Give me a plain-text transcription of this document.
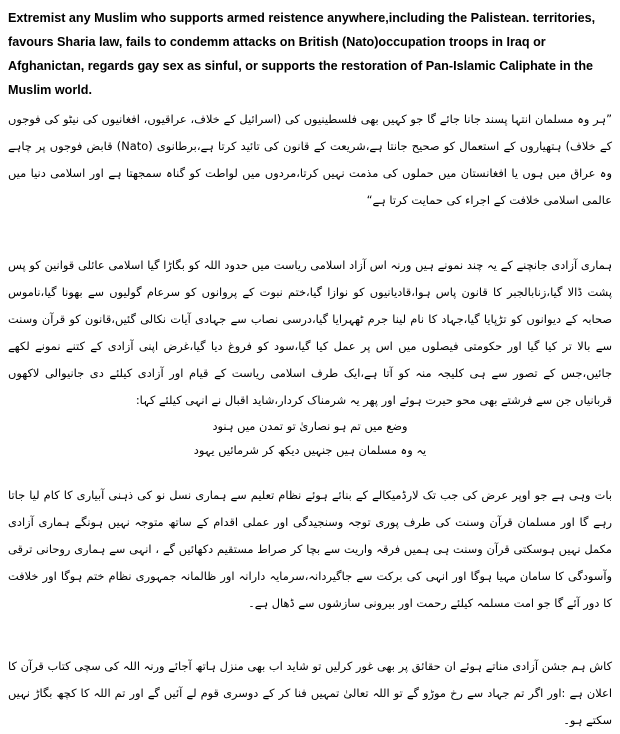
Extremist any Muslim who supports armed reistence anywhere,including the Palistean. territories, favours Sharia law, fails to condemm attacks on British (Nato)occupation troops in Iraq or Afghanictan, regards gay sex as sinful, or supports the restoration of Pan-Islamic Caliphate in the Muslim world.

”ہر وہ مسلمان انتہا پسند جانا جائے گا جو کہیں بھی فلسطینیوں کی (اسرائیل کے خلاف، عراقیوں، افغانیوں کی نیٹو کی فوجوں کے خلاف) ہتھیاروں کے استعمال کو صحیح جانتا ہے،شریعت کے قانون کی تائید کرتا ہے،برطانوی (Nato) قابض فوجوں پر چاہے وہ عراق میں ہوں یا افغانستان میں حملوں کی مذمت نہیں کرتا،مردوں میں لواطت کو گناہ سمجھتا ہے اور اسلامی دنیا میں عالمی اسلامی خلافت کے اجراء کی حمایت کرتا ہے“

ہماری آزادی جانچنے کے یہ چند نمونے ہیں ورنہ اس آزاد اسلامی ریاست میں حدود اللہ کو بگاڑا گیا اسلامی عائلی قوانین کو پس پشت ڈالا گیا،زنابالجبر کا قانون پاس ہوا،قادیانیوں کو نوازا گیا،ختم نبوت کے پروانوں کو سرعام گولیوں سے بھونا گیا،ناموس صحابہ کے دیوانوں کو تڑپایا گیا،جہاد کا نام لینا جرم ٹھہرایا گیا،درسی نصاب سے جہادی آیات نکالی گئیں،قانون کو قرآن وسنت سے بالا تر کیا گیا اور حکومتی فیصلوں میں اس پر عمل کیا گیا،سود کو فروغ دیا گیا،غرض اپنی آزادی کے کتنے نمونے لکھے جائیں،جس کے تصور سے ہی کلیجہ منہ کو آتا ہے،ایک طرف اسلامی ریاست کے قیام اور آزادی کیلئے دی جانیوالی لاکھوں قربانیاں جن سے فرشتے بھی محو حیرت ہوئے اور پھر یہ شرمناک کردار،شاید اقبال نے انہی کیلئے کہا:

وضع میں تم ہو نصاریٰ تو تمدن میں ہنود

یہ وہ مسلمان ہیں جنہیں دیکھ کر شرمائیں یہود

بات وہی ہے جو اوپر عرض کی جب تک لارڈمیکالے کے بنائے ہوئے نظام تعلیم سے ہماری نسل نو کی ذہنی آبیاری کا کام لیا جاتا رہے گا اور مسلمان قرآن وسنت کی طرف پوری توجہ وسنجیدگی اور عملی اقدام کے ساتھ متوجہ نہیں ہونگے ہماری آزادی مکمل نہیں ہوسکتی قرآن وسنت ہی ہمیں فرقہ واریت سے بچا کر صراط مستقیم دکھائیں گے ، انہی سے ہماری روحانی ترقی وآسودگی کا سامان مہیا ہوگا اور انہی کی برکت سے جاگیردانہ،سرمایہ دارانہ اور ظالمانہ جمہوری نظام ختم ہوگا اور خلافت کا دور آئے گا جو امت مسلمہ کیلئے رحمت اور بیرونی سازشوں سے ڈھال ہے۔

کاش ہم جشن آزادی مناتے ہوئے ان حقائق پر بھی غور کرلیں تو شاید اب بھی منزل ہاتھ آجائے ورنہ اللہ کی سچی کتاب قرآن کا اعلان ہے :اور اگر تم جہاد سے رخ موڑو گے تو اللہ تعالیٰ تمہیں فنا کر کے دوسری قوم لے آئیں گے اور تم اللہ کا کچھ بگاڑ نہیں سکتے ہو۔
